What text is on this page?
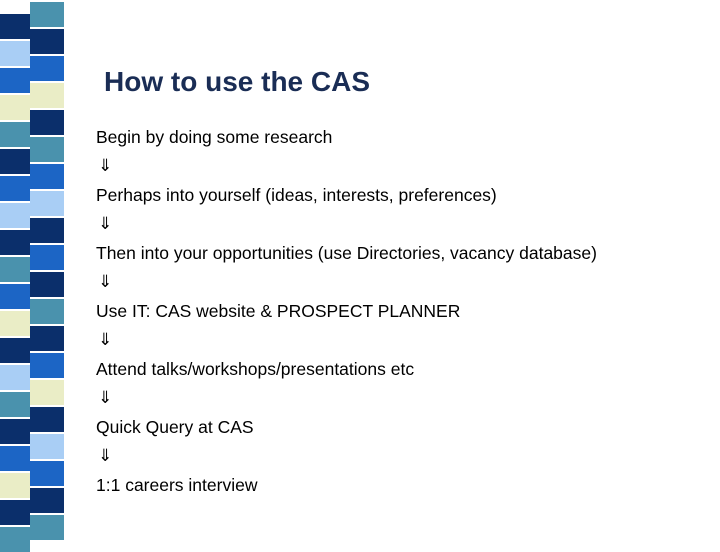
How to use the CAS
Begin by doing some research
⇓
Perhaps into yourself (ideas, interests, preferences)
⇓
Then into your opportunities (use Directories, vacancy database)
⇓
Use IT: CAS website & PROSPECT PLANNER
⇓
Attend talks/workshops/presentations etc
⇓
Quick Query at CAS
⇓
1:1 careers interview
